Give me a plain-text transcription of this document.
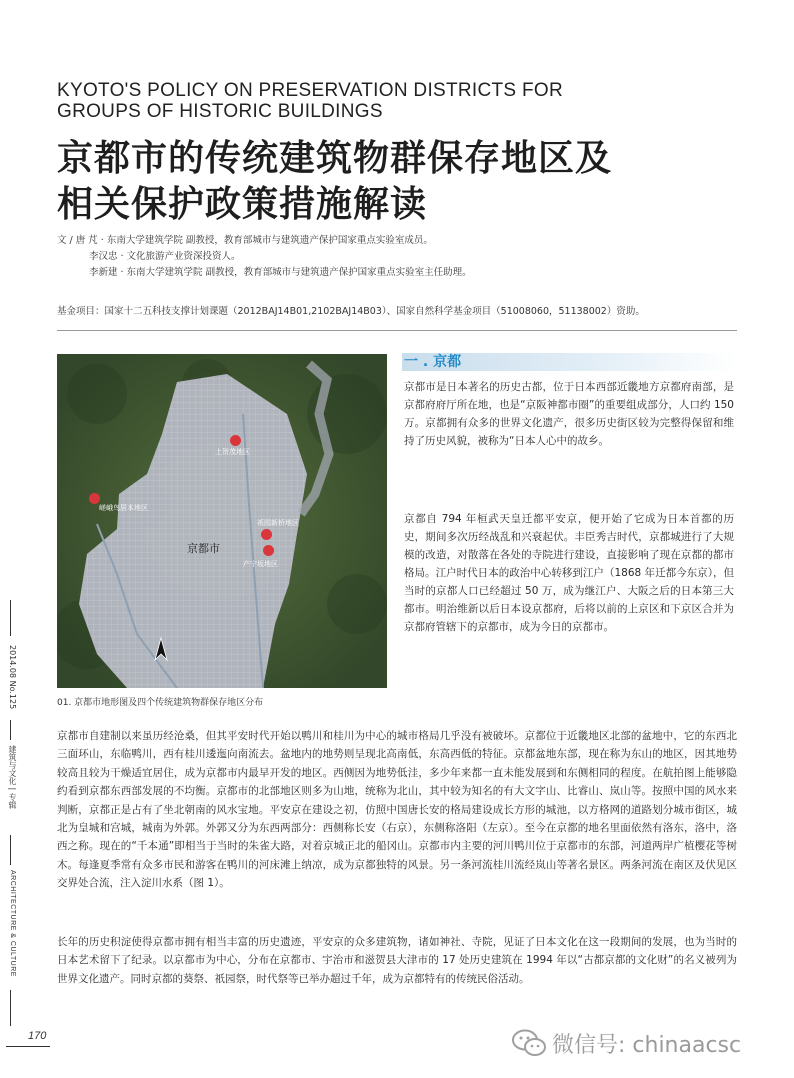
KYOTO'S POLICY ON PRESERVATION DISTRICTS FOR GROUPS OF HISTORIC BUILDINGS
京都市的传统建筑物群保存地区及
相关保护政策措施解读
文 / 唐 芃 · 东南大学建筑学院 副教授，教育部城市与建筑遗产保护国家重点实验室成员。
李汉忠 · 文化旅游产业资深投资人。
李新建 · 东南大学建筑学院 副教授，教育部城市与建筑遗产保护国家重点实验室主任助理。
基金项目：国家十二五科技支撑计划课题（2012BAJ14B01,2102BAJ14B03）、国家自然科学基金项目（51008060，51138002）资助。
上贺茂地区
嵯峨鸟居本地区
京都市
祇园新桥地区
产宁坂地区
01. 京都市地形图及四个传统建筑物群保存地区分布
一 . 京都

京都市是日本著名的历史古都，位于日本西部近畿地方京都府南部，是京都府府厅所在地，也是“京阪神都市圈”的重要组成部分，人口约 150 万。京都拥有众多的世界文化遗产，很多历史街区较为完整得保留和维持了历史风貌，被称为“日本人心中的故乡。

京都自 794 年桓武天皇迁都平安京，便开始了它成为日本首都的历史，期间多次历经战乱和兴衰起伏。丰臣秀吉时代，京都城进行了大规模的改造，对散落在各处的寺院进行建设，直接影响了现在京都的都市格局。江户时代日本的政治中心转移到江户（1868 年迁都今东京），但当时的京都人口已经超过 50 万，成为继江户、大阪之后的日本第三大都市。明治维新以后日本设京都府，后将以前的上京区和下京区合并为京都府管辖下的京都市，成为今日的京都市。

京都市自建制以来虽历经沧桑，但其平安时代开始以鸭川和桂川为中心的城市格局几乎没有被破坏。京都位于近畿地区北部的盆地中，它的东西北三面环山，东临鸭川，西有桂川逶迤向南流去。盆地内的地势则呈现北高南低，东高西低的特征。京都盆地东部，现在称为东山的地区，因其地势较高且较为干燥适宜居住，成为京都市内最早开发的地区。西侧因为地势低洼，多少年来都一直未能发展到和东侧相同的程度。在航拍图上能够隐约看到京都东西部发展的不均衡。京都市的北部地区则多为山地，统称为北山，其中较为知名的有大文字山、比睿山、岚山等。按照中国的风水来判断，京都正是占有了坐北朝南的风水宝地。平安京在建设之初，仿照中国唐长安的格局建设成长方形的城池，以方格网的道路划分城市街区，城北为皇城和宫城，城南为外郭。外郭又分为东西两部分：西侧称长安（右京），东侧称洛阳（左京）。至今在京都的地名里面依然有洛东，洛中，洛西之称。现在的“千本通”即相当于当时的朱雀大路，对着京城正北的船冈山。京都市内主要的河川鸭川位于京都市的东部，河道两岸广植樱花等树木。每逢夏季常有众多市民和游客在鸭川的河床滩上纳凉，成为京都独特的风景。另一条河流桂川流经岚山等著名景区。两条河流在南区及伏见区交界处合流，注入淀川水系（图 1）。

长年的历史积淀使得京都市拥有相当丰富的历史遗迹，平安京的众多建筑物，诸如神社、寺院，见证了日本文化在这一段期间的发展，也为当时的日本艺术留下了纪录。以京都市为中心，分布在京都市、宇治市和滋贺县大津市的 17 处历史建筑在 1994 年以“古都京都的文化财”的名义被列为世界文化遗产。同时京都的葵祭、祇园祭，时代祭等已举办超过千年，成为京都特有的传统民俗活动。

2014.08 No.125
建筑与文化 | 专辑
ARCHITECTURE & CULTURE
170	微信号: chinaacsc
